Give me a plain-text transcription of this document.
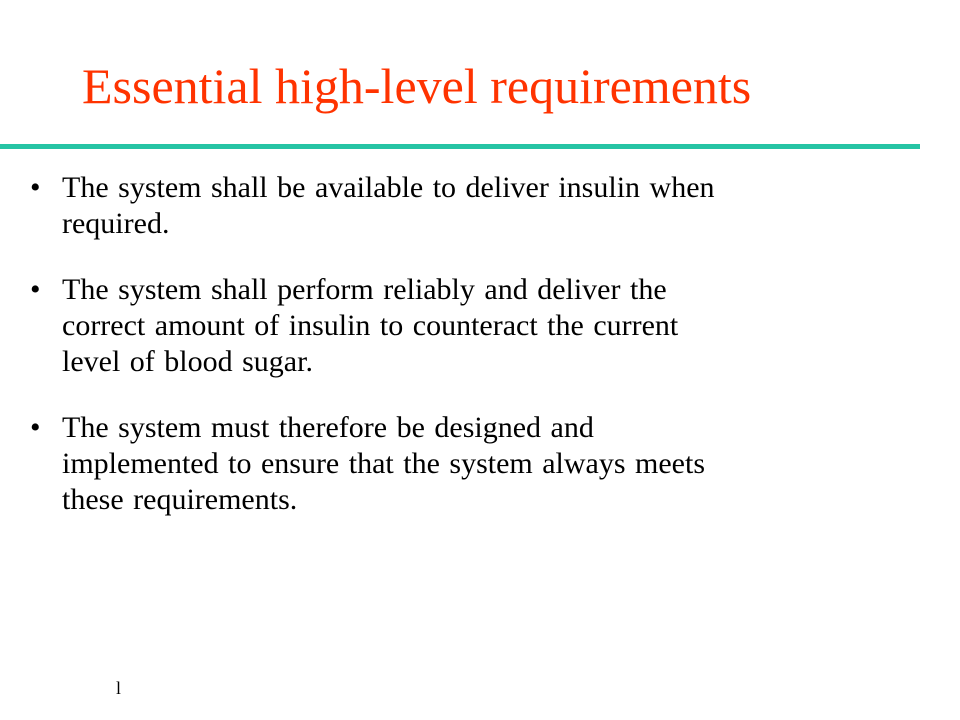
Essential high-level requirements
• The system shall be available to deliver insulin when
required.
• The system shall perform reliably and deliver the
correct amount of insulin to counteract the current
level of blood sugar.
• The system must therefore be designed and
implemented to ensure that the system always meets
these requirements.
l
